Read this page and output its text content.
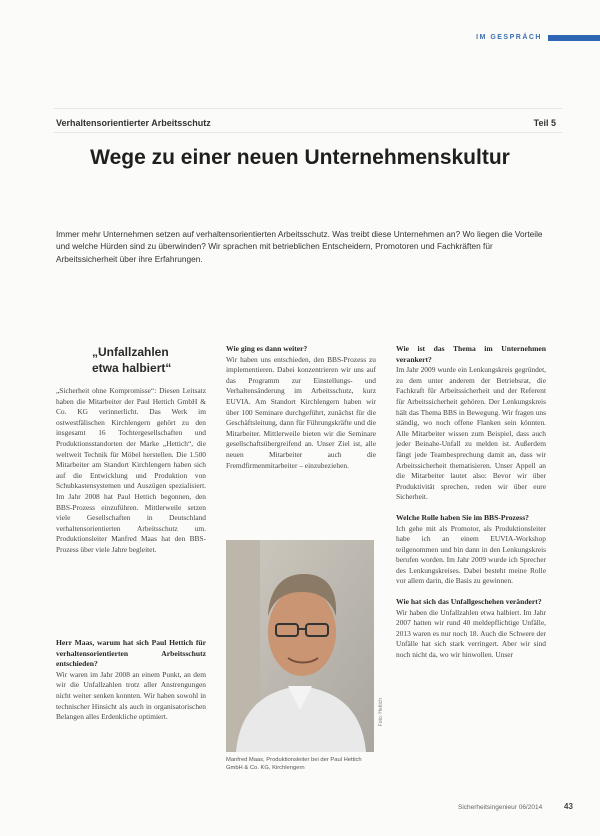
IM GESPRÄCH
Verhaltensorientierter Arbeitsschutz	Teil 5
Wege zu einer neuen Unternehmenskultur

Immer mehr Unternehmen setzen auf verhaltensorientierten Arbeitsschutz. Was treibt diese Unternehmen an? Wo liegen die Vorteile und welche Hürden sind zu überwinden? Wir sprachen mit betrieblichen Entscheidern, Promotoren und Fachkräften für Arbeitssicherheit über ihre Erfahrungen.

„Unfallzahlen  etwa halbiert“

„Sicherheit ohne Kompromisse“: Diesen Leitsatz haben die Mitarbeiter der Paul Hettich GmbH & Co. KG verinnerlicht. Das Werk im ostwestfälischen Kirchlengern gehört zu den insgesamt 16 Tochtergesellschaften und Produktionsstandorten der Marke „Hettich“, die weltweit Technik für Möbel herstellen. Die 1.500 Mitarbeiter am Standort Kirchlengern haben sich auf die Entwicklung und Produktion von Schubkastensystemen und Auszügen spezialisiert. Im Jahr 2008 hat Paul Hettich begonnen, den BBS-Prozess einzuführen. Mittlerweile setzen viele Gesellschaften in Deutschland verhaltensorientierten Arbeitsschutz um. Produktionsleiter Manfred Maas hat den BBS-Prozess über viele Jahre begleitet.

Herr Maas, warum hat sich Paul Hettich für verhaltensorientierten Arbeitsschutz entschieden?

Wir waren im Jahr 2008 an einem Punkt, an dem wir die Unfallzahlen trotz aller Anstrengungen nicht weiter senken konnten. Wir haben sowohl in technischer Hinsicht als auch in organisatorischen Belangen alles Erdenkliche optimiert.

Wie ging es dann weiter?

Wir haben uns entschieden, den BBS-Prozess zu implementieren. Dabei konzentrieren wir uns auf das Programm zur Einstellungs- und Verhaltensänderung im Arbeitsschutz, kurz EUVIA. Am Standort Kirchlengern haben wir über 100 Seminare durchgeführt, zunächst für die Geschäftsleitung, dann für Führungskräfte und die Mitarbeiter. Mittlerweile bieten wir die Seminare gesellschaftsübergreifend an. Unser Ziel ist, alle neuen Mitarbeiter auch die Fremdfirmenmitarbeiter – einzubeziehen.

Foto: Hettich
Manfred Maas, Produktionsleiter bei der Paul Hettich GmbH & Co. KG, Kirchlengern
Wie ist das Thema im Unternehmen verankert?

Im Jahr 2009 wurde ein Lenkungskreis gegründet, zu dem unter anderem der Betriebsrat, die Fachkraft für Arbeitssicherheit und der Referent für Arbeitssicherheit gehören. Der Lenkungskreis hält das Thema BBS in Bewegung. Wir fragen uns ständig, wo noch offene Flanken sein könnten. Alle Mitarbeiter wissen zum Beispiel, dass auch jeder Beinahe-Unfall zu melden ist. Außerdem fängt jede Teambesprechung damit an, dass wir Arbeitssicherheit thematisieren. Unser Appell an die Mitarbeiter lautet also: Bevor wir über Produktivität sprechen, reden wir über eure Sicherheit.

Welche Rolle haben Sie im BBS-Prozess?

Ich gehe mit als Promotor, als Produktionsleiter habe ich an einem EUVIA-Workshop teilgenommen und bin dann in den Lenkungskreis berufen worden. Im Jahr 2009 wurde ich Sprecher des Lenkungskreises. Dabei besteht meine Rolle vor allem darin, die Basis zu gewinnen.

Wie hat sich das Unfallgeschehen verändert?

Wir haben die Unfallzahlen etwa halbiert. Im Jahr 2007 hatten wir rund 40 meldepflichtige Unfälle, 2013 waren es nur noch 18. Auch die Schwere der Unfälle hat sich stark verringert. Aber wir sind noch nicht da, wo wir hinwollen. Unser

Sicherheitsingenieur 06/2014	43
